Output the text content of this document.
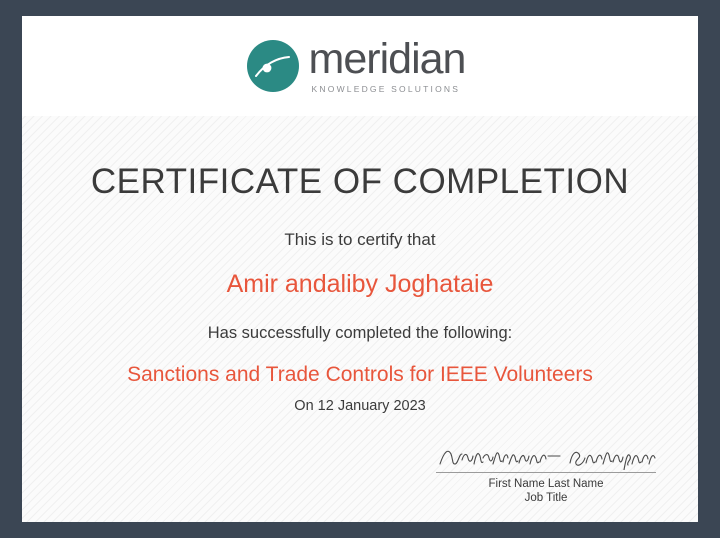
meridian
KNOWLEDGE SOLUTIONS
CERTIFICATE OF COMPLETION
This is to certify that
Amir andaliby Joghataie
Has successfully completed the following:
Sanctions and Trade Controls for IEEE Volunteers
On 12 January 2023
First Name Last Name
Job Title
